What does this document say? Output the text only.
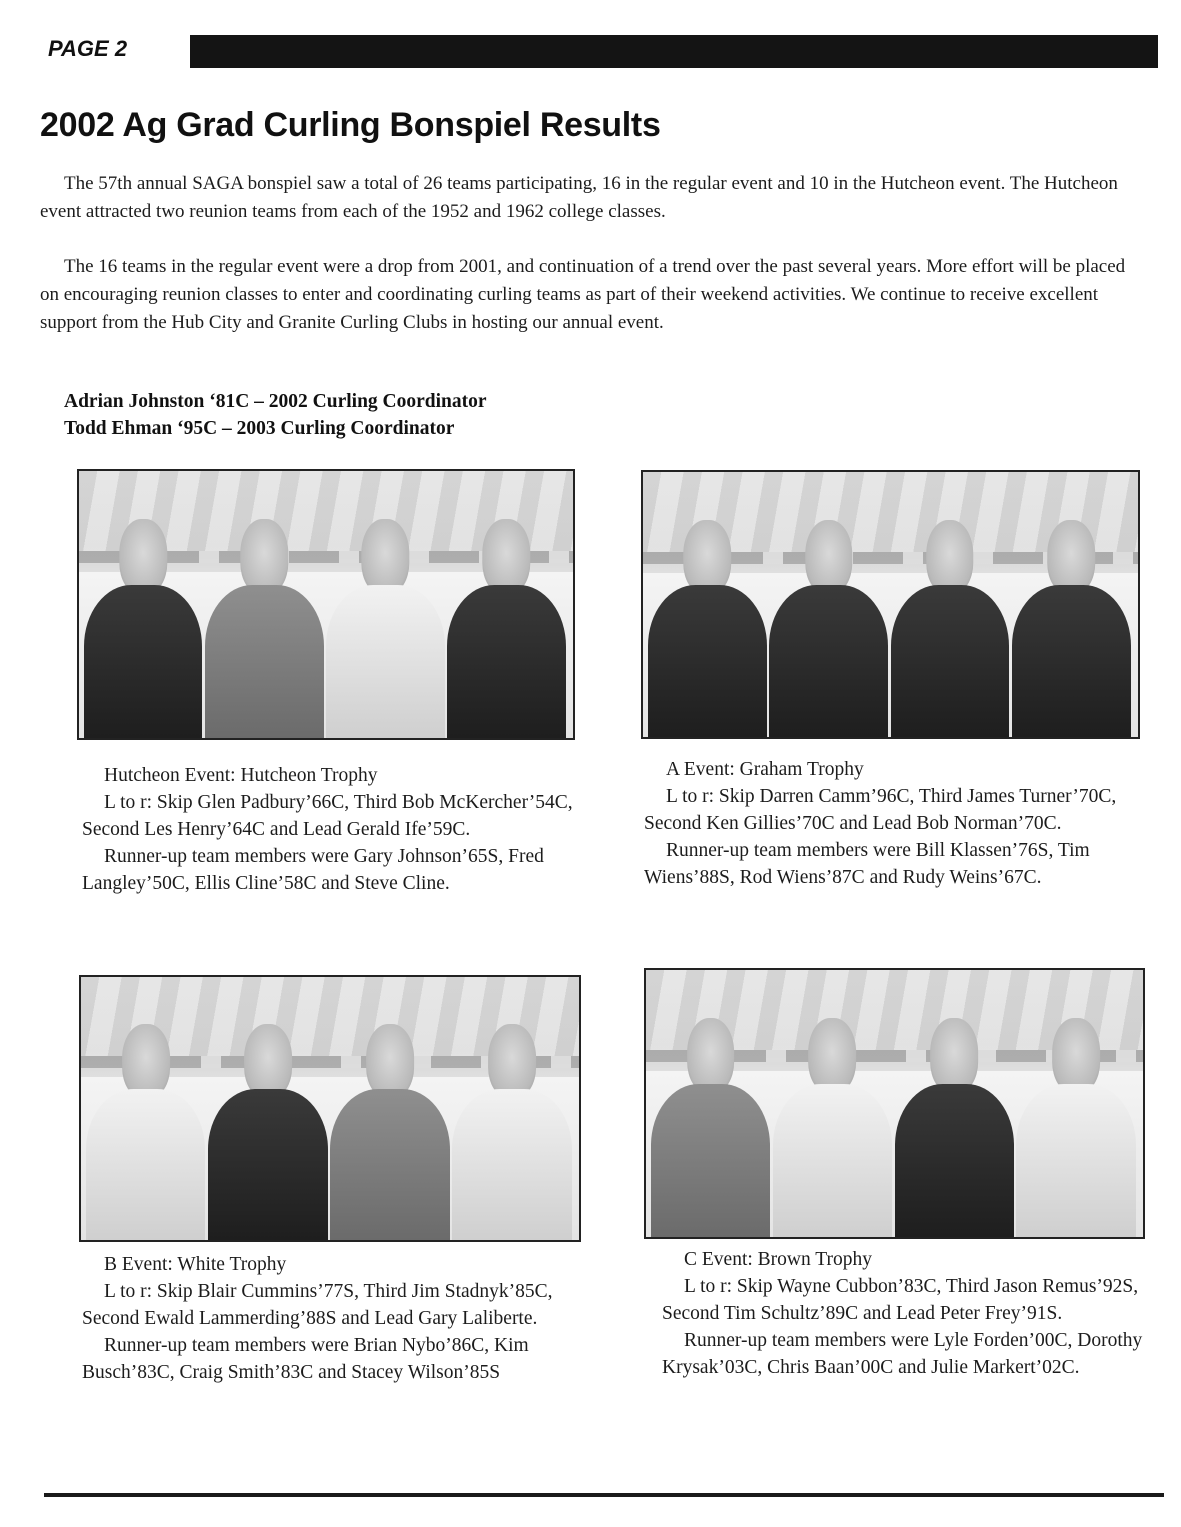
PAGE 2
2002 Ag Grad Curling Bonspiel Results

The 57th annual SAGA bonspiel saw a total of 26 teams participating, 16 in the regular event and 10 in the Hutcheon event. The Hutcheon event attracted two reunion teams from each of the 1952 and 1962 college classes.

The 16 teams in the regular event were a drop from 2001, and continuation of a trend over the past several years. More effort will be placed on encouraging reunion classes to enter and coordinating curling teams as part of their weekend activities. We continue to receive excellent support from the Hub City and Granite Curling Clubs in hosting our annual event.

Adrian Johnston ‘81C – 2002 Curling Coordinator

Todd Ehman ‘95C – 2003 Curling Coordinator

Hutcheon Event: Hutcheon Trophy

L to r: Skip Glen Padbury’66C, Third Bob McKercher’54C, Second Les Henry’64C and Lead Gerald Ife’59C.

Runner-up team members were Gary Johnson’65S, Fred Langley’50C, Ellis Cline’58C and Steve Cline.

A Event: Graham Trophy

L to r: Skip Darren Camm’96C, Third James Turner’70C, Second Ken Gillies’70C and Lead Bob Norman’70C.

Runner-up team members were Bill Klassen’76S, Tim Wiens’88S, Rod Wiens’87C and Rudy Weins’67C.

B Event: White Trophy

L to r: Skip Blair Cummins’77S, Third Jim Stadnyk’85C, Second Ewald Lammerding’88S and Lead Gary Laliberte.

Runner-up team members were Brian Nybo’86C, Kim Busch’83C, Craig Smith’83C and Stacey Wilson’85S

C Event: Brown Trophy

L to r: Skip Wayne Cubbon’83C, Third Jason Remus’92S, Second Tim Schultz’89C and Lead Peter Frey’91S.

Runner-up team members were Lyle Forden’00C, Dorothy Krysak’03C, Chris Baan’00C and Julie Markert’02C.
